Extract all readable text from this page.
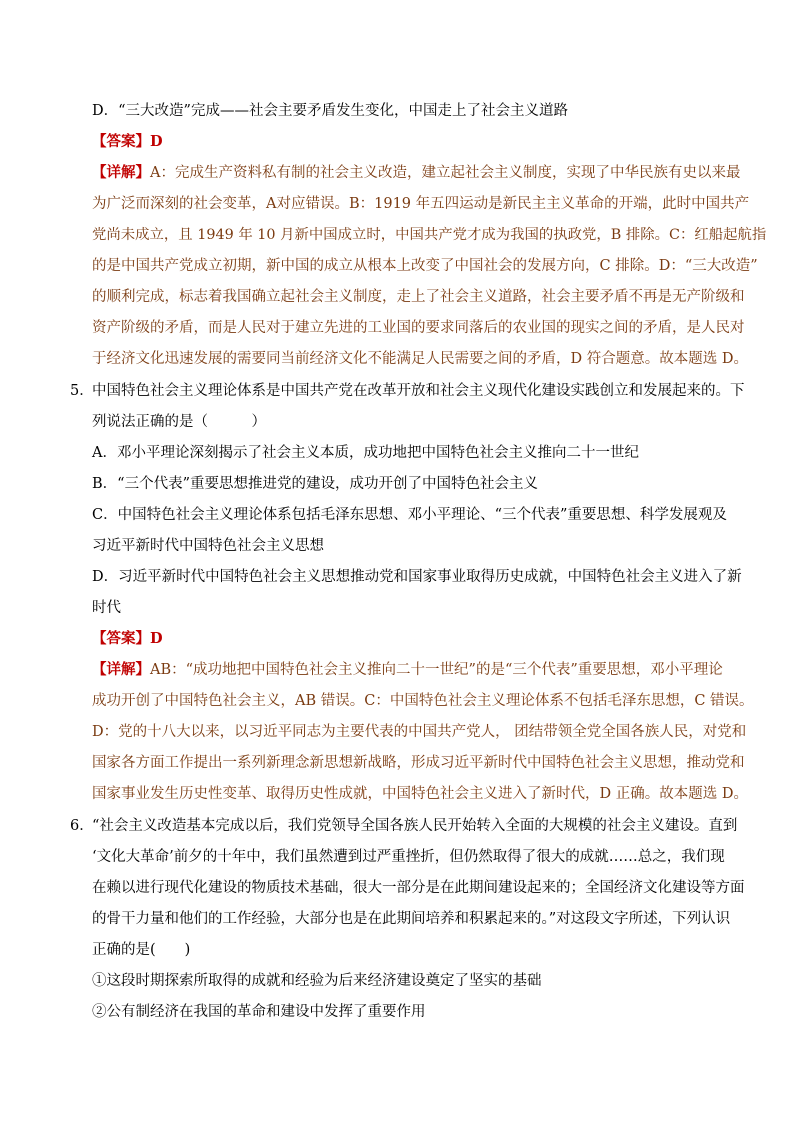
D．“三大改造”完成——社会主要矛盾发生变化，中国走上了社会主义道路
【答案】D
【详解】A：完成生产资料私有制的社会主义改造，建立起社会主义制度，实现了中华民族有史以来最
为广泛而深刻的社会变革，A对应错误。B：1919 年五四运动是新民主主义革命的开端，此时中国共产
党尚未成立，且 1949 年 10 月新中国成立时，中国共产党才成为我国的执政党，B 排除。C：红船起航指
的是中国共产党成立初期，新中国的成立从根本上改变了中国社会的发展方向，C 排除。D：“三大改造”
的顺利完成，标志着我国确立起社会主义制度，走上了社会主义道路，社会主要矛盾不再是无产阶级和
资产阶级的矛盾，而是人民对于建立先进的工业国的要求同落后的农业国的现实之间的矛盾，是人民对
于经济文化迅速发展的需要同当前经济文化不能满足人民需要之间的矛盾，D 符合题意。故本题选 D。
5．
中国特色社会主义理论体系是中国共产党在改革开放和社会主义现代化建设实践创立和发展起来的。下
列说法正确的是（　　　）
A．邓小平理论深刻揭示了社会主义本质，成功地把中国特色社会主义推向二十一世纪
B．“三个代表”重要思想推进党的建设，成功开创了中国特色社会主义
C．中国特色社会主义理论体系包括毛泽东思想、邓小平理论、“三个代表”重要思想、科学发展观及
习近平新时代中国特色社会主义思想
D．习近平新时代中国特色社会主义思想推动党和国家事业取得历史成就，中国特色社会主义进入了新
时代
【答案】D
【详解】AB：“成功地把中国特色社会主义推向二十一世纪”的是“三个代表”重要思想，邓小平理论
成功开创了中国特色社会主义，AB 错误。C：中国特色社会主义理论体系不包括毛泽东思想，C 错误。
D：党的十八大以来，以习近平同志为主要代表的中国共产党人， 团结带领全党全国各族人民，对党和
国家各方面工作提出一系列新理念新思想新战略，形成习近平新时代中国特色社会主义思想，推动党和
国家事业发生历史性变革、取得历史性成就，中国特色社会主义进入了新时代，D 正确。故本题选 D。
6．
“社会主义改造基本完成以后，我们党领导全国各族人民开始转入全面的大规模的社会主义建设。直到
‘文化大革命’前夕的十年中，我们虽然遭到过严重挫折，但仍然取得了很大的成就……总之，我们现
在赖以进行现代化建设的物质技术基础，很大一部分是在此期间建设起来的；全国经济文化建设等方面
的骨干力量和他们的工作经验，大部分也是在此期间培养和积累起来的。”对这段文字所述，下列认识
正确的是(　　)
①这段时期探索所取得的成就和经验为后来经济建设奠定了坚实的基础
②公有制经济在我国的革命和建设中发挥了重要作用
